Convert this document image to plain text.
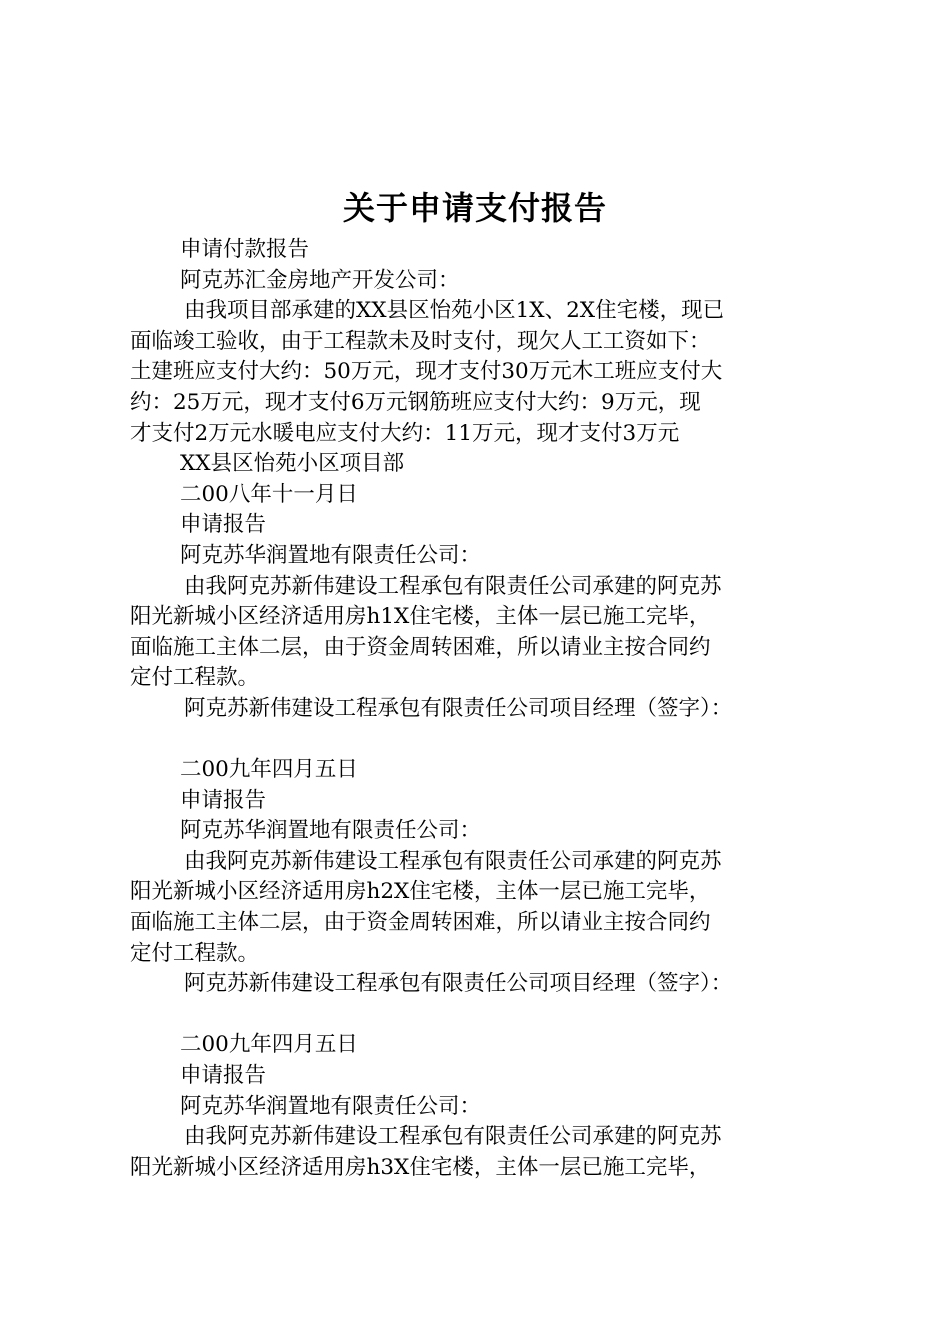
关于申请支付报告

申请付款报告

阿克苏汇金房地产开发公司：

由我项目部承建的XX县区怡苑小区1X、2X住宅楼，现已

面临竣工验收，由于工程款未及时支付，现欠人工工资如下：

土建班应支付大约：50万元，现才支付30万元木工班应支付大

约：25万元，现才支付6万元钢筋班应支付大约：9万元，现

才支付2万元水暖电应支付大约：11万元，现才支付3万元

XX县区怡苑小区项目部

二00八年十一月日

申请报告

阿克苏华润置地有限责任公司：

由我阿克苏新伟建设工程承包有限责任公司承建的阿克苏

阳光新城小区经济适用房h1X住宅楼，主体一层已施工完毕，

面临施工主体二层，由于资金周转困难，所以请业主按合同约

定付工程款。

阿克苏新伟建设工程承包有限责任公司项目经理（签字）：

二00九年四月五日

申请报告

阿克苏华润置地有限责任公司：

由我阿克苏新伟建设工程承包有限责任公司承建的阿克苏

阳光新城小区经济适用房h2X住宅楼，主体一层已施工完毕，

面临施工主体二层，由于资金周转困难，所以请业主按合同约

定付工程款。

阿克苏新伟建设工程承包有限责任公司项目经理（签字）：

二00九年四月五日

申请报告

阿克苏华润置地有限责任公司：

由我阿克苏新伟建设工程承包有限责任公司承建的阿克苏

阳光新城小区经济适用房h3X住宅楼，主体一层已施工完毕，
